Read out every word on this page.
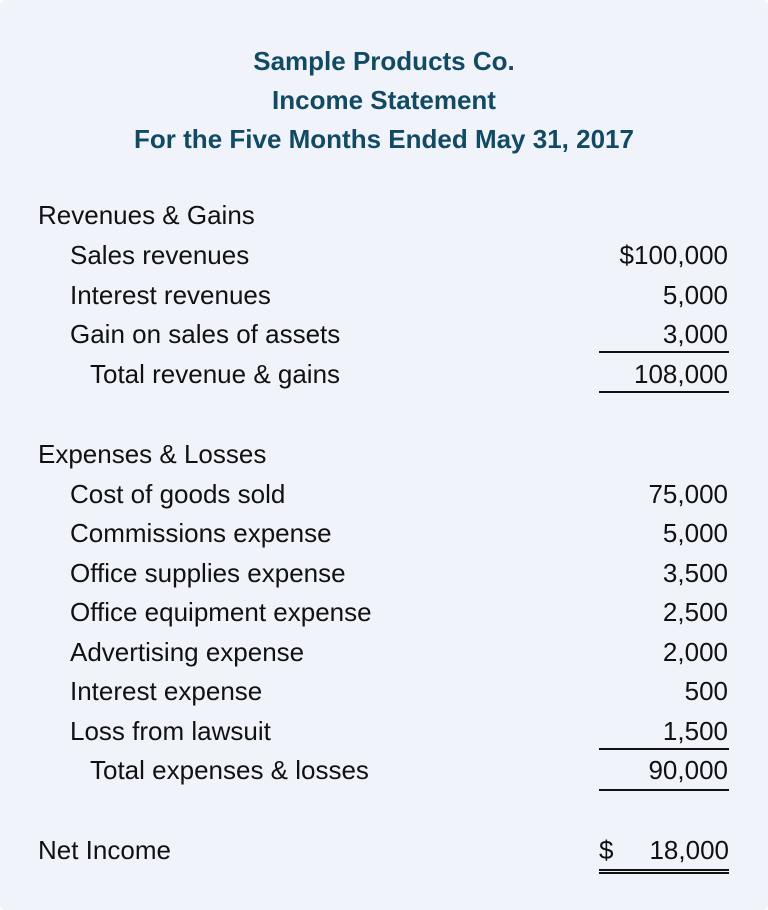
Sample Products Co.
Income Statement
For the Five Months Ended May 31, 2017
Revenues & Gains
Sales revenues	$100,000
Interest revenues	5,000
Gain on sales of assets	3,000
Total revenue & gains	108,000
Expenses & Losses
Cost of goods sold	75,000
Commissions expense	5,000
Office supplies expense	3,500
Office equipment expense	2,500
Advertising expense	2,000
Interest expense	500
Loss from lawsuit	1,500
Total expenses & losses	90,000
Net Income	$ 18,000
